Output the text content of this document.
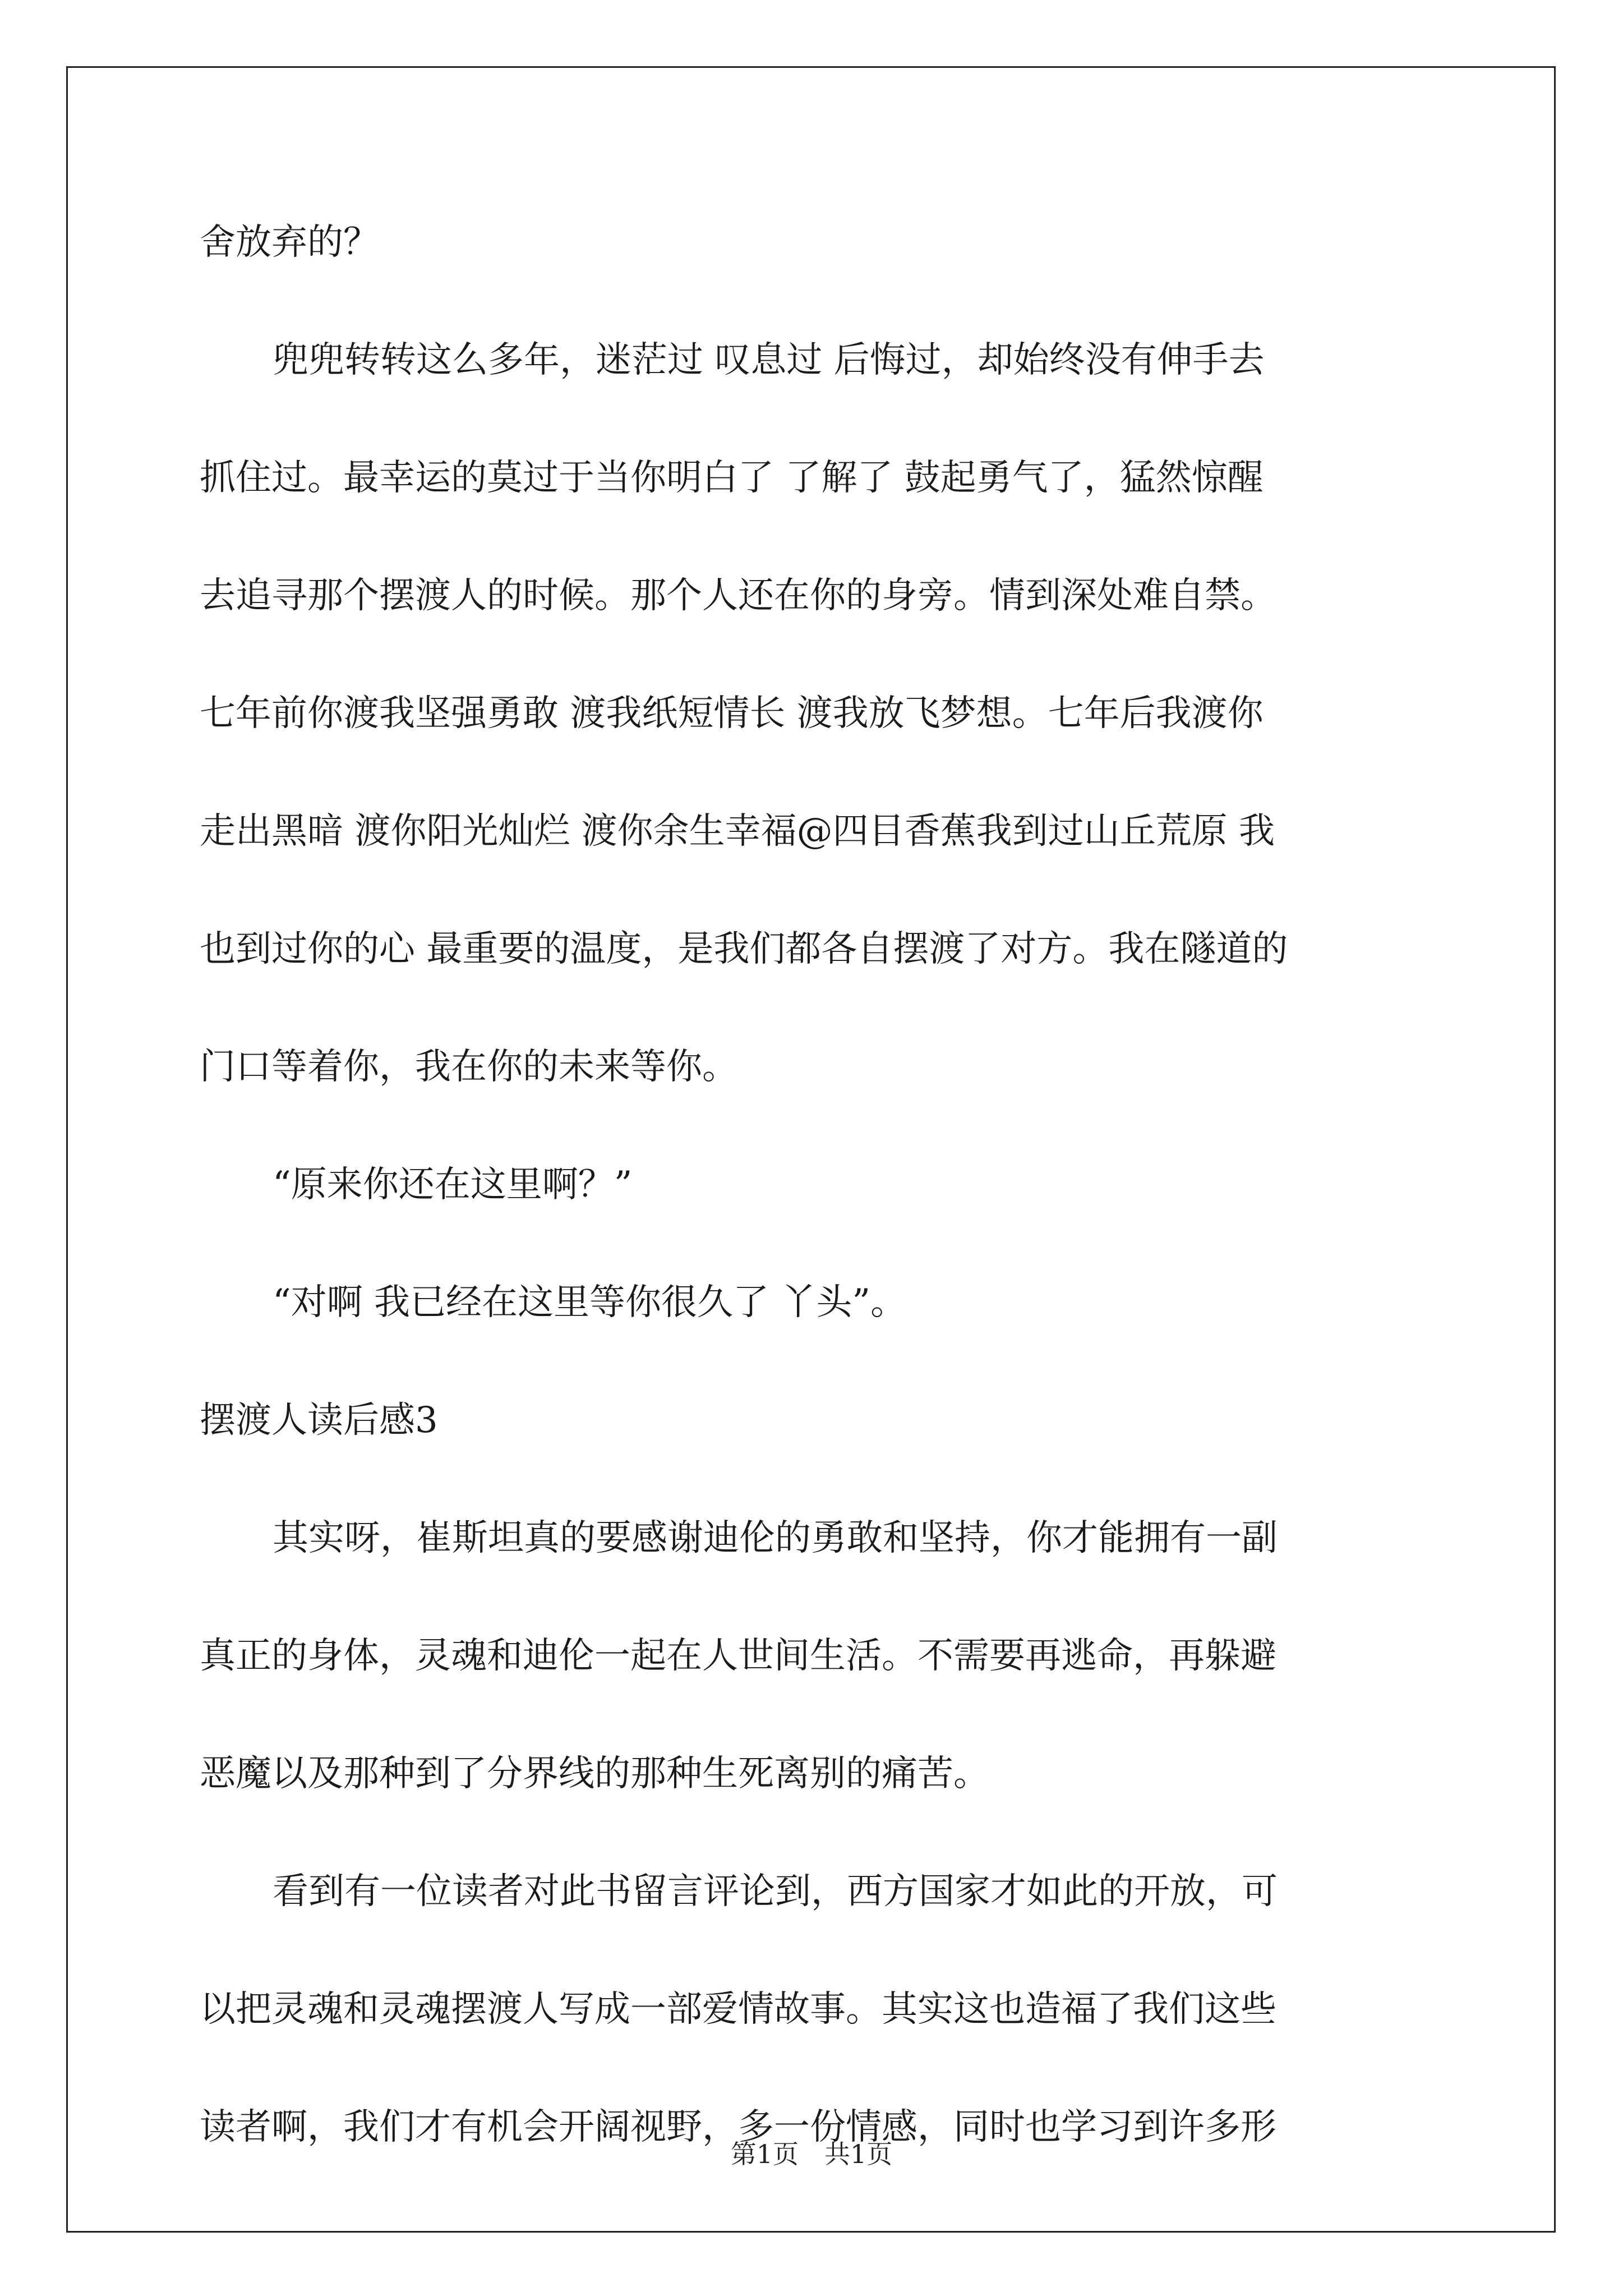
舍放弃的？
兜兜转转这么多年，迷茫过 叹息过 后悔过，却始终没有伸手去
抓住过。最幸运的莫过于当你明白了 了解了 鼓起勇气了，猛然惊醒
去追寻那个摆渡人的时候。那个人还在你的身旁。情到深处难自禁。
七年前你渡我坚强勇敢 渡我纸短情长 渡我放飞梦想。七年后我渡你
走出黑暗 渡你阳光灿烂 渡你余生幸福@四目香蕉我到过山丘荒原 我
也到过你的心 最重要的温度，是我们都各自摆渡了对方。我在隧道的
门口等着你，我在你的未来等你。
“原来你还在这里啊？”
“对啊 我已经在这里等你很久了 丫头”。
摆渡人读后感3
其实呀，崔斯坦真的要感谢迪伦的勇敢和坚持，你才能拥有一副
真正的身体，灵魂和迪伦一起在人世间生活。不需要再逃命，再躲避
恶魔以及那种到了分界线的那种生死离别的痛苦。
看到有一位读者对此书留言评论到，西方国家才如此的开放，可
以把灵魂和灵魂摆渡人写成一部爱情故事。其实这也造福了我们这些
读者啊，我们才有机会开阔视野，多一份情感，同时也学习到许多形
第1页　共1页
